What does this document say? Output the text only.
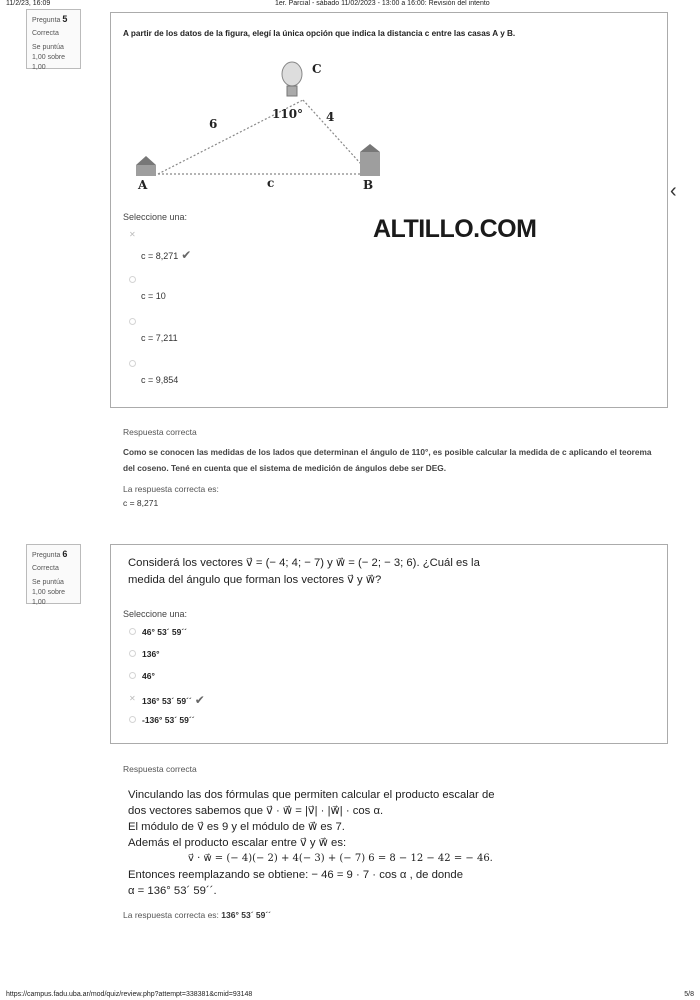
11/2/23, 16:09	1er. Parcial - sábado 11/02/2023 - 13:00 a 16:00: Revisión del intento
‹
Pregunta 5
Correcta
Se puntúa 1,00 sobre 1,00
A partir de los datos de la figura, elegí la única opción que indica la distancia c entre las casas A y B.
C
A	B
c
110°
6	4
Seleccione una:
✕
c = 8,271 ✔
c = 10
c = 7,211
c = 9,854
ALTILLO.COM
Respuesta correcta
Como se conocen las medidas de los lados que determinan el ángulo de 110°, es posible calcular la medida de c aplicando el teorema del coseno. Tené en cuenta que el sistema de medición de ángulos debe ser DEG.
La respuesta correcta es:
c = 8,271
Pregunta 6
Correcta
Se puntúa 1,00 sobre 1,00
Considerá los vectores v⃗ = (− 4; 4; − 7) y w⃗ = (− 2; − 3; 6). ¿Cuál es la
medida del ángulo que forman los vectores v⃗ y w⃗?
Seleccione una:
46° 53´ 59´´
136°
46°
✕ 136° 53´ 59´´ ✔
-136° 53´ 59´´
Respuesta correcta
Vinculando las dos fórmulas que permiten calcular el producto escalar de
dos vectores sabemos que v⃗ · w⃗ = |v⃗| · |w⃗| · cos α.
El módulo de v⃗ es 9 y el módulo de w⃗ es 7.
Además el producto escalar entre v⃗ y w⃗ es:
v⃗ · w⃗ = (− 4)(− 2) + 4(− 3) + (− 7) 6 = 8 − 12 − 42 = − 46.
Entonces reemplazando se obtiene: − 46 = 9 · 7 · cos α , de donde
α = 136° 53´ 59´´.
La respuesta correcta es: 136° 53´ 59´´
https://campus.fadu.uba.ar/mod/quiz/review.php?attempt=338381&cmid=93148	5/8
